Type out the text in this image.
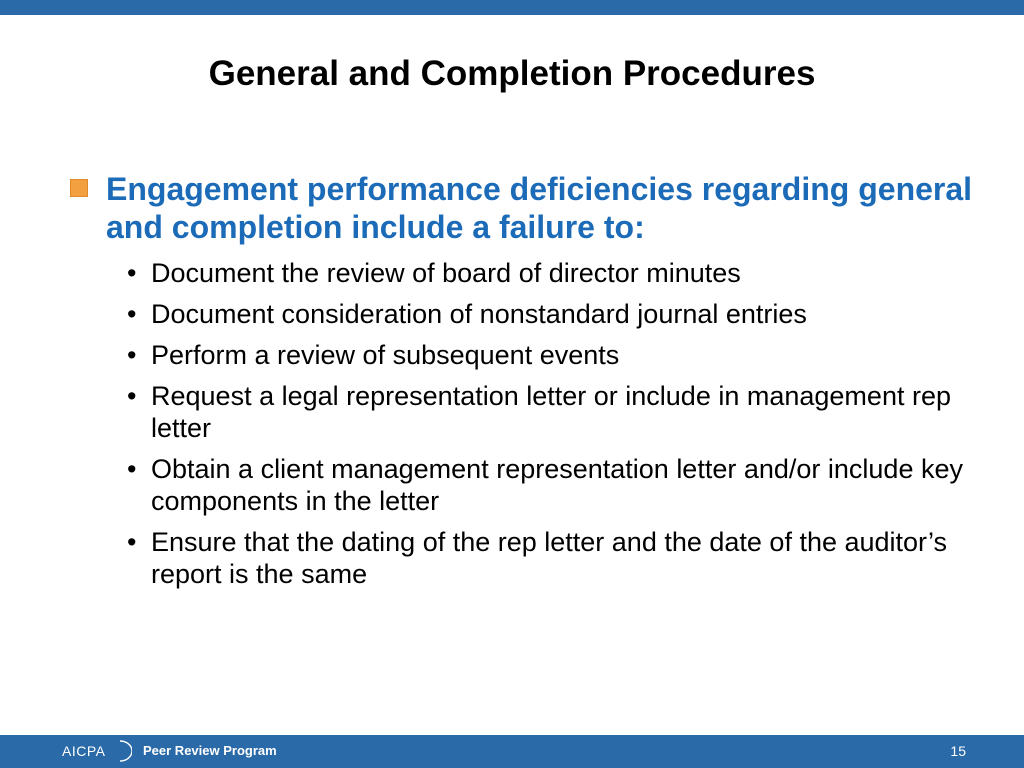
General and Completion Procedures
Engagement performance deficiencies regarding general and completion include a failure to:
• Document the review of board of director minutes
• Document consideration of nonstandard journal entries
• Perform a review of subsequent events
• Request a legal representation letter or include in management rep letter
• Obtain a client management representation letter and/or include key components in the letter
• Ensure that the dating of the rep letter and the date of the auditor’s report is the same
AICPA	Peer Review Program	15
